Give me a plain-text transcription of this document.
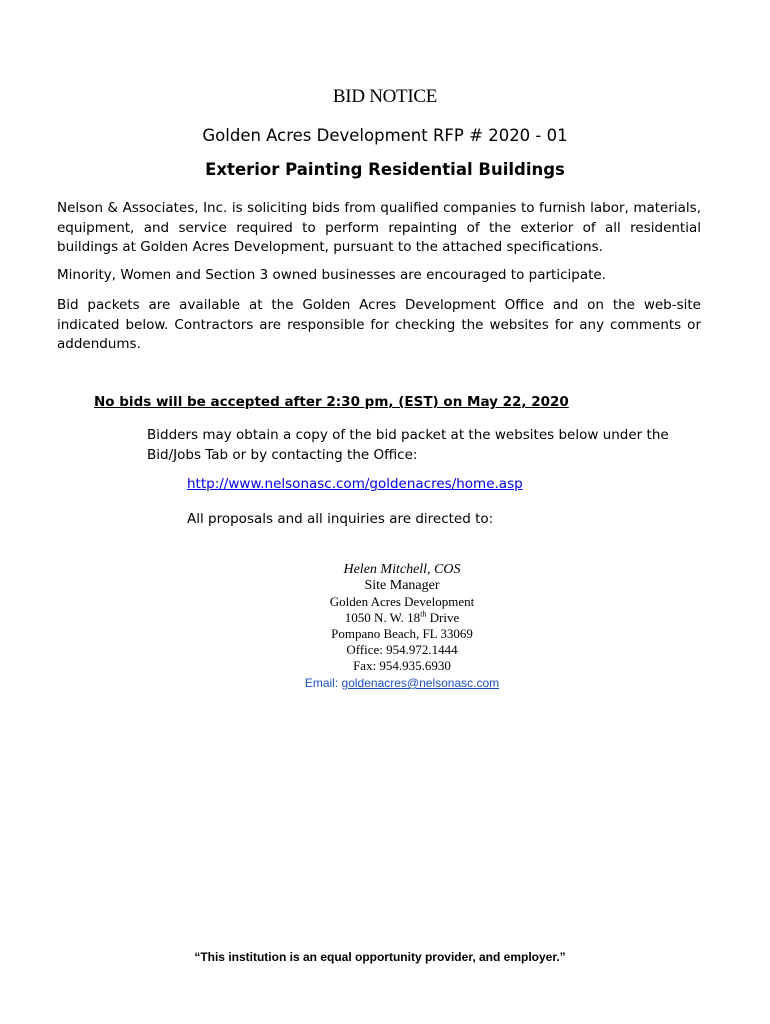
BID NOTICE
Golden Acres Development RFP # 2020 - 01
Exterior Painting Residential Buildings
Nelson & Associates, Inc. is soliciting bids from qualified companies to furnish labor, materials, equipment, and service required to perform repainting of the exterior of all residential buildings at Golden Acres Development, pursuant to the attached specifications.
Minority, Women and Section 3 owned businesses are encouraged to participate.
Bid packets are available at the Golden Acres Development Office and on the web-site indicated below. Contractors are responsible for checking the websites for any comments or addendums.
No bids will be accepted after 2:30 pm, (EST) on May 22, 2020
Bidders may obtain a copy of the bid packet at the websites below under the Bid/Jobs Tab or by contacting the Office:
http://www.nelsonasc.com/goldenacres/home.asp
All proposals and all inquiries are directed to:
Helen Mitchell, COS
Site Manager
Golden Acres Development
1050 N. W. 18th Drive
Pompano Beach, FL 33069
Office: 954.972.1444
Fax: 954.935.6930
Email: goldenacres@nelsonasc.com
“This institution is an equal opportunity provider, and employer.”
